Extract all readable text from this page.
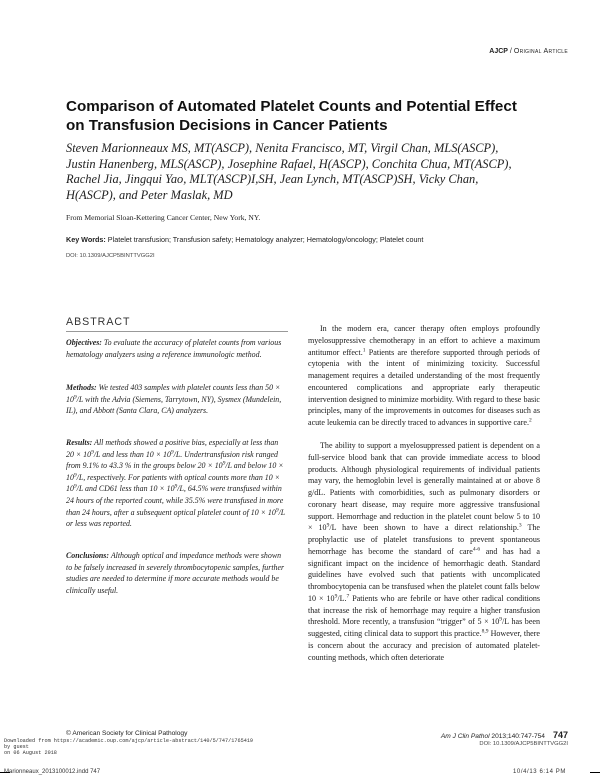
AJCP / Original Article
Comparison of Automated Platelet Counts and Potential Effect on Transfusion Decisions in Cancer Patients
Steven Marionneaux MS, MT(ASCP), Nenita Francisco, MT, Virgil Chan, MLS(ASCP), Justin Hanenberg, MLS(ASCP), Josephine Rafael, H(ASCP), Conchita Chua, MT(ASCP), Rachel Jia, Jingqui Yao, MLT(ASCP)I,SH, Jean Lynch, MT(ASCP)SH, Vicky Chan, H(ASCP), and Peter Maslak, MD
From Memorial Sloan-Kettering Cancer Center, New York, NY.
Key Words: Platelet transfusion; Transfusion safety; Hematology analyzer; Hematology/oncology; Platelet count
DOI: 10.1309/AJCP5BINTTVGG2I
ABSTRACT
Objectives: To evaluate the accuracy of platelet counts from various hematology analyzers using a reference immunologic method.
Methods: We tested 403 samples with platelet counts less than $50 \times 10^9/L$ with the Advia (Siemens, Tarrytown, NY), Sysmex (Mundelein, IL), and Abbott (Santa Clara, CA) analyzers.
Results: All methods showed a positive bias, especially at less than $20 \times 10^9/L$ and less than $10 \times 10^9/L$. Undertransfusion risk ranged from 9.1% to 43.3 % in the groups below $20 \times 10^9/L$ and below $10 \times 10^9/L$, respectively. For patients with optical counts more than $10 \times 10^9/L$ and CD61 less than $10 \times 10^9/L$, 64.5% were transfused within 24 hours of the reported count, while 35.5% were transfused in more than 24 hours, after a subsequent optical platelet count of $10 \times 10^9/L$ or less was reported.
Conclusions: Although optical and impedance methods were shown to be falsely increased in severely thrombocytopenic samples, further studies are needed to determine if more accurate methods would be clinically useful.
In the modern era, cancer therapy often employs profoundly myelosuppressive chemotherapy in an effort to achieve a maximum antitumor effect.$^1$ Patients are therefore supported through periods of cytopenia with the intent of minimizing toxicity. Successful management requires a detailed understanding of the most frequently encountered complications and appropriate early therapeutic intervention designed to minimize morbidity. With regard to these basic principles, many of the improvements in outcomes for diseases such as acute leukemia can be directly traced to advances in supportive care.$^2$
The ability to support a myelosuppressed patient is dependent on a full-service blood bank that can provide immediate access to blood products. Although physiological requirements of individual patients may vary, the hemoglobin level is generally maintained at or above 8 g/dL. Patients with comorbidities, such as pulmonary disorders or coronary heart disease, may require more aggressive transfusional support. Hemorrhage and reduction in the platelet count below 5 to $10 \times 10^9/L$ have been shown to have a direct relationship.$^3$ The prophylactic use of platelet transfusions to prevent spontaneous hemorrhage has become the standard of care$^{4-6}$ and has had a significant impact on the incidence of hemorrhagic death. Standard guidelines have evolved such that patients with uncomplicated thrombocytopenia can be transfused when the platelet count falls below $10 \times 10^9/L.^7$ Patients who are febrile or have other radical conditions that increase the risk of hemorrhage may require a higher transfusion threshold. More recently, a transfusion “trigger” of $5 \times 10^9/L$ has been suggested, citing clinical data to support this practice.$^{8,9}$ However, there is concern about the accuracy and precision of automated platelet-counting methods, which often deteriorate
© American Society for Clinical Pathology	Am J Clin Pathol 2013;140:747-754 747
DOI: 10.1309/AJCP5BINTTVGG2I
Downloaded from https://academic.oup.com/ajcp/article-abstract/140/5/747/1765419
by guest
on 06 August 2018
Marionneaux_2013100012.indd 747	10/4/13 6:14 PM
